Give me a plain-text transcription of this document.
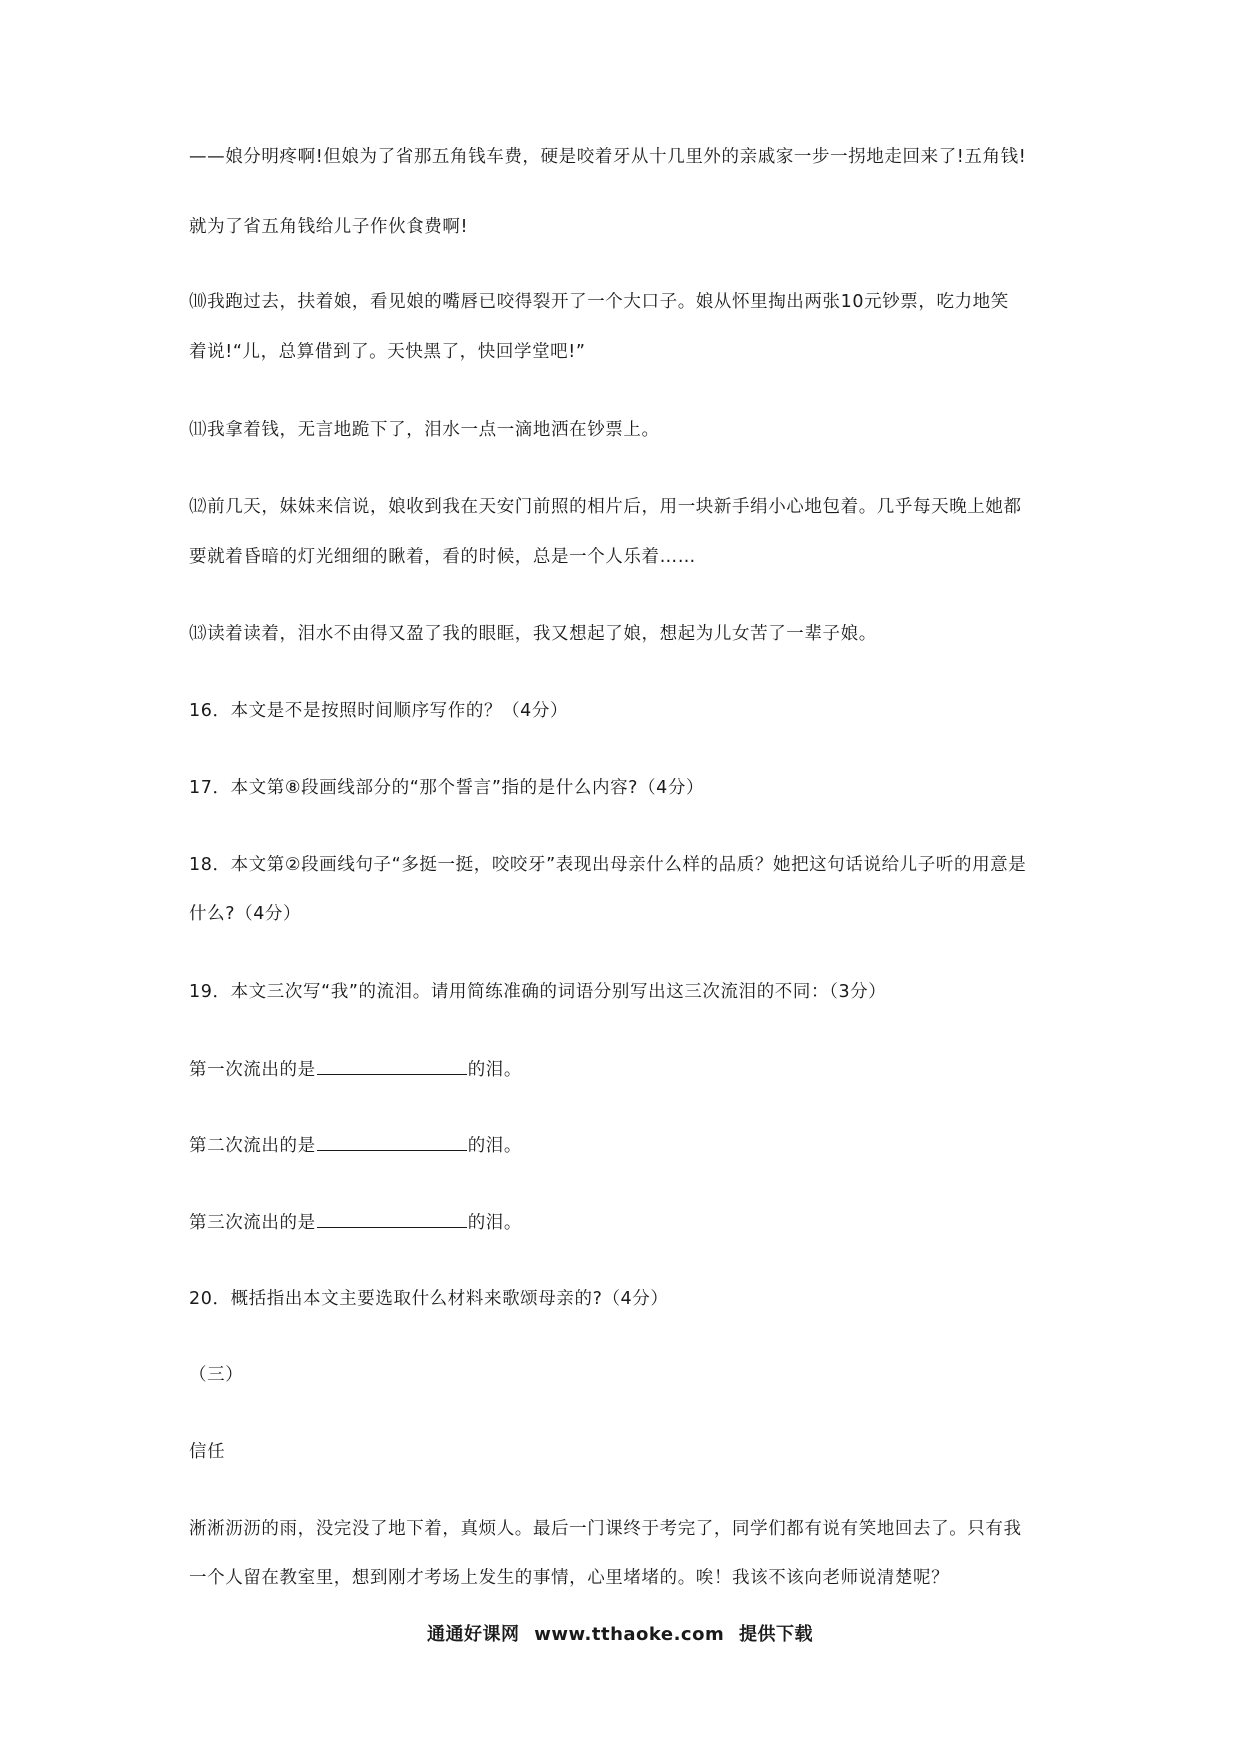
——娘分明疼啊!但娘为了省那五角钱车费，硬是咬着牙从十几里外的亲戚家一步一拐地走回来了!五角钱!
就为了省五角钱给儿子作伙食费啊!
⑽我跑过去，扶着娘，看见娘的嘴唇已咬得裂开了一个大口子。娘从怀里掏出两张10元钞票，吃力地笑
着说!“儿，总算借到了。天快黑了，快回学堂吧!”
⑾我拿着钱，无言地跪下了，泪水一点一滴地洒在钞票上。
⑿前几天，妹妹来信说，娘收到我在天安门前照的相片后，用一块新手绢小心地包着。几乎每天晚上她都
要就着昏暗的灯光细细的瞅着，看的时候，总是一个人乐着……
⒀读着读着，泪水不由得又盈了我的眼眶，我又想起了娘，想起为儿女苦了一辈子娘。
16．本文是不是按照时间顺序写作的？（4分）
17．本文第⑧段画线部分的“那个誓言”指的是什么内容?（4分）
18．本文第②段画线句子“多挺一挺，咬咬牙”表现出母亲什么样的品质？她把这句话说给儿子听的用意是
什么?（4分）
19．本文三次写“我”的流泪。请用简练准确的词语分别写出这三次流泪的不同：（3分）
第一次流出的是	的泪。
第二次流出的是	的泪。
第三次流出的是	的泪。
20．概括指出本文主要选取什么材料来歌颂母亲的?（4分）
（三）
信任
淅淅沥沥的雨，没完没了地下着，真烦人。最后一门课终于考完了，同学们都有说有笑地回去了。只有我
一个人留在教室里，想到刚才考场上发生的事情，心里堵堵的。唉！我该不该向老师说清楚呢？
通通好课网 www.tthaoke.com 提供下载
